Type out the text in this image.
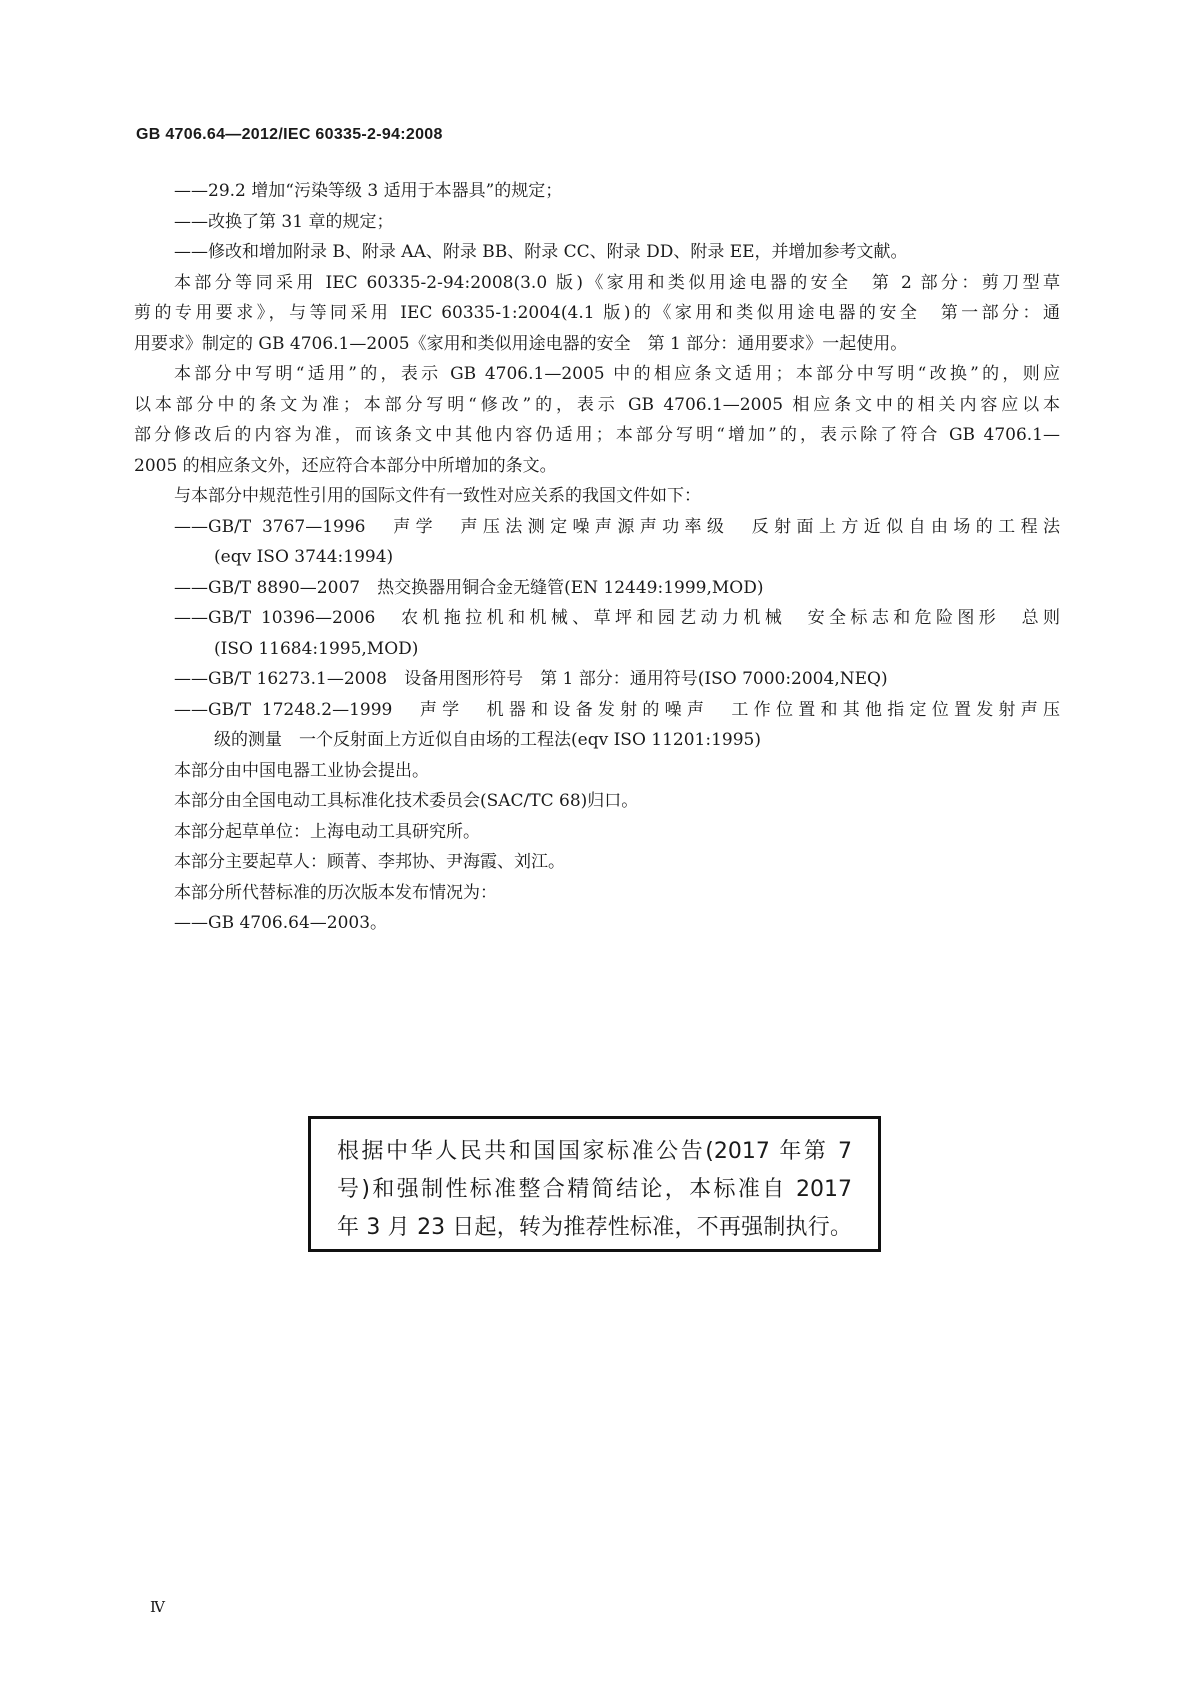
GB 4706.64—2012/IEC 60335-2-94:2008
——29.2 增加“污染等级 3 适用于本器具”的规定；
——改换了第 31 章的规定；
——修改和增加附录 B、附录 AA、附录 BB、附录 CC、附录 DD、附录 EE，并增加参考文献。
本部分等同采用 IEC 60335-2-94:2008(3.0 版)《家用和类似用途电器的安全　第 2 部分：剪刀型草
剪的专用要求》，与等同采用 IEC 60335-1:2004(4.1 版)的《家用和类似用途电器的安全　第一部分：通
用要求》制定的 GB 4706.1—2005《家用和类似用途电器的安全　第 1 部分：通用要求》一起使用。
本部分中写明“适用”的，表示 GB 4706.1—2005 中的相应条文适用；本部分中写明“改换”的，则应
以本部分中的条文为准；本部分写明“修改”的，表示 GB 4706.1—2005 相应条文中的相关内容应以本
部分修改后的内容为准，而该条文中其他内容仍适用；本部分写明“增加”的，表示除了符合 GB 4706.1—
2005 的相应条文外，还应符合本部分中所增加的条文。
与本部分中规范性引用的国际文件有一致性对应关系的我国文件如下：
——GB/T 3767—1996　声学　声压法测定噪声源声功率级　反射面上方近似自由场的工程法
(eqv ISO 3744:1994)
——GB/T 8890—2007　热交换器用铜合金无缝管(EN 12449:1999,MOD)
——GB/T 10396—2006　农机拖拉机和机械、草坪和园艺动力机械　安全标志和危险图形　总则
(ISO 11684:1995,MOD)
——GB/T 16273.1—2008　设备用图形符号　第 1 部分：通用符号(ISO 7000:2004,NEQ)
——GB/T 17248.2—1999　声学　机器和设备发射的噪声　工作位置和其他指定位置发射声压
级的测量　一个反射面上方近似自由场的工程法(eqv ISO 11201:1995)
本部分由中国电器工业协会提出。
本部分由全国电动工具标准化技术委员会(SAC/TC 68)归口。
本部分起草单位：上海电动工具研究所。
本部分主要起草人：顾菁、李邦协、尹海霞、刘江。
本部分所代替标准的历次版本发布情况为：
——GB 4706.64—2003。
根据中华人民共和国国家标准公告(2017 年第 7
号)和强制性标准整合精简结论，本标准自 2017
年 3 月 23 日起，转为推荐性标准，不再强制执行。
Ⅳ
